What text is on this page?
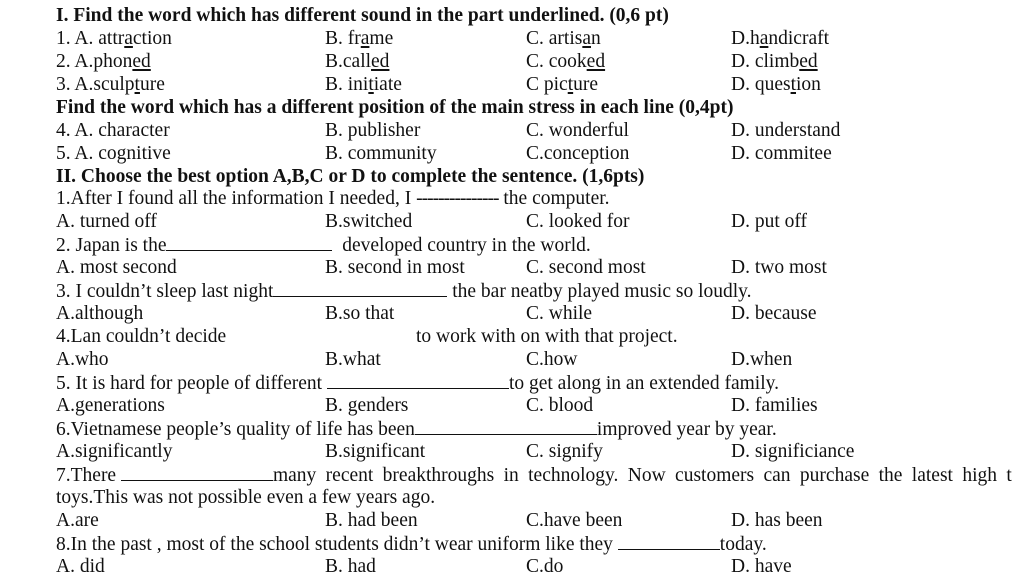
I. Find the word which has different sound in the part underlined. (0,6 pt)
1. A. attraction	B. frame	C. artisan	D.handicraft
2. A.phoned	B.called	C. cooked	D. climbed
3. A.sculpture	B. initiate	C picture	D. question
Find the word which has a different position of the main stress in each line (0,4pt)
4. A. character	B. publisher	C. wonderful	D. understand
5. A. cognitive	B. community	C.conception	D. commitee
II. Choose the best option A,B,C or D to complete the sentence. (1,6pts)
1.After I found all the information I needed, I --------------- the computer.
A. turned off	B.switched	C. looked for	D. put off
2. Japan is the	developed country in the world.
A. most second	B. second in most	C. second most	D. two most
3. I couldn’t sleep last night	the bar neatby played music so loudly.
A.although	B.so that	C. while	D. because
4.Lan couldn’t decide	to work with on with that project.
A.who	B.what	C.how	D.when
5. It is hard for people of different	to get along in an extended family.
A.generations	B. genders	C. blood	D. families
6.Vietnamese people’s quality of life has been	improved year by year.
A.significantly	B.significant	C. signify	D. significiance
7.There	many recent breakthroughs in technology. Now customers can purchase the latest high t
toys.This was not possible even a few years ago.
A.are	B. had been	C.have been	D. has been
8.In the past , most of the school students didn’t wear uniform like they	today.
A. did	B. had	C.do	D. have
